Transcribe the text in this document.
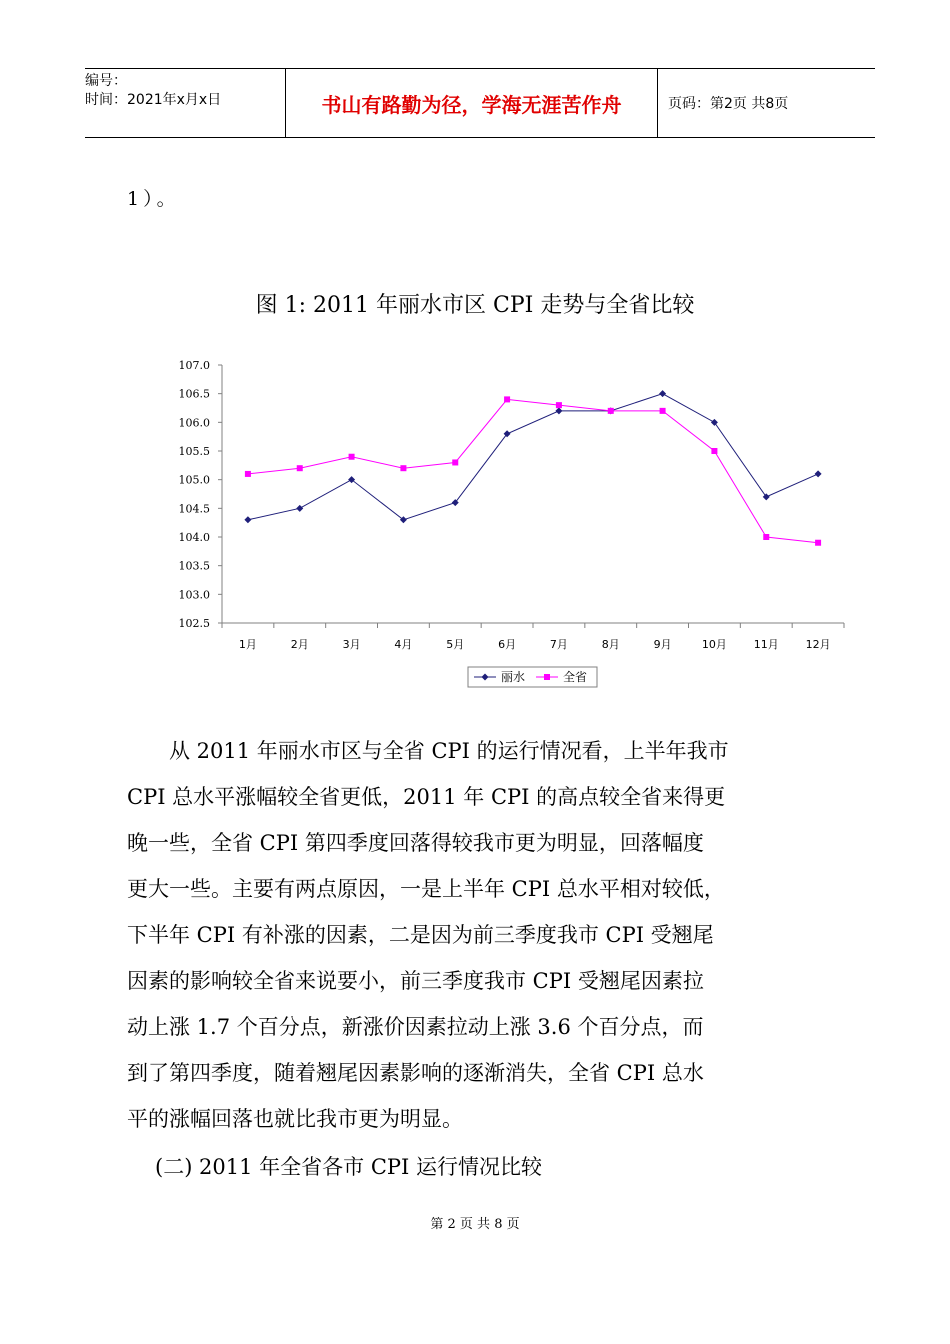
编号：
时间：2021年x月x日	书山有路勤为径，学海无涯苦作舟	页码：第2页 共8页
1）。
图 1: 2011 年丽水市区 CPI 走势与全省比较
107.0
106.5
106.0
105.5
105.0
104.5
104.0
103.5
103.0
102.5
1月	2月	3月	4月	5月	6月	7月	8月	9月	10月 11月 12月
丽水	全省
　　从 2011 年丽水市区与全省 CPI 的运行情况看，上半年我市
CPI 总水平涨幅较全省更低，2011 年 CPI 的高点较全省来得更
晚一些，全省 CPI 第四季度回落得较我市更为明显，回落幅度
更大一些。主要有两点原因，一是上半年 CPI 总水平相对较低，
下半年 CPI 有补涨的因素，二是因为前三季度我市 CPI 受翘尾
因素的影响较全省来说要小，前三季度我市 CPI 受翘尾因素拉
动上涨 1.7 个百分点，新涨价因素拉动上涨 3.6 个百分点，而
到了第四季度，随着翘尾因素影响的逐渐消失，全省 CPI 总水
平的涨幅回落也就比我市更为明显。
(二) 2011 年全省各市 CPI 运行情况比较
第 2 页 共 8 页
